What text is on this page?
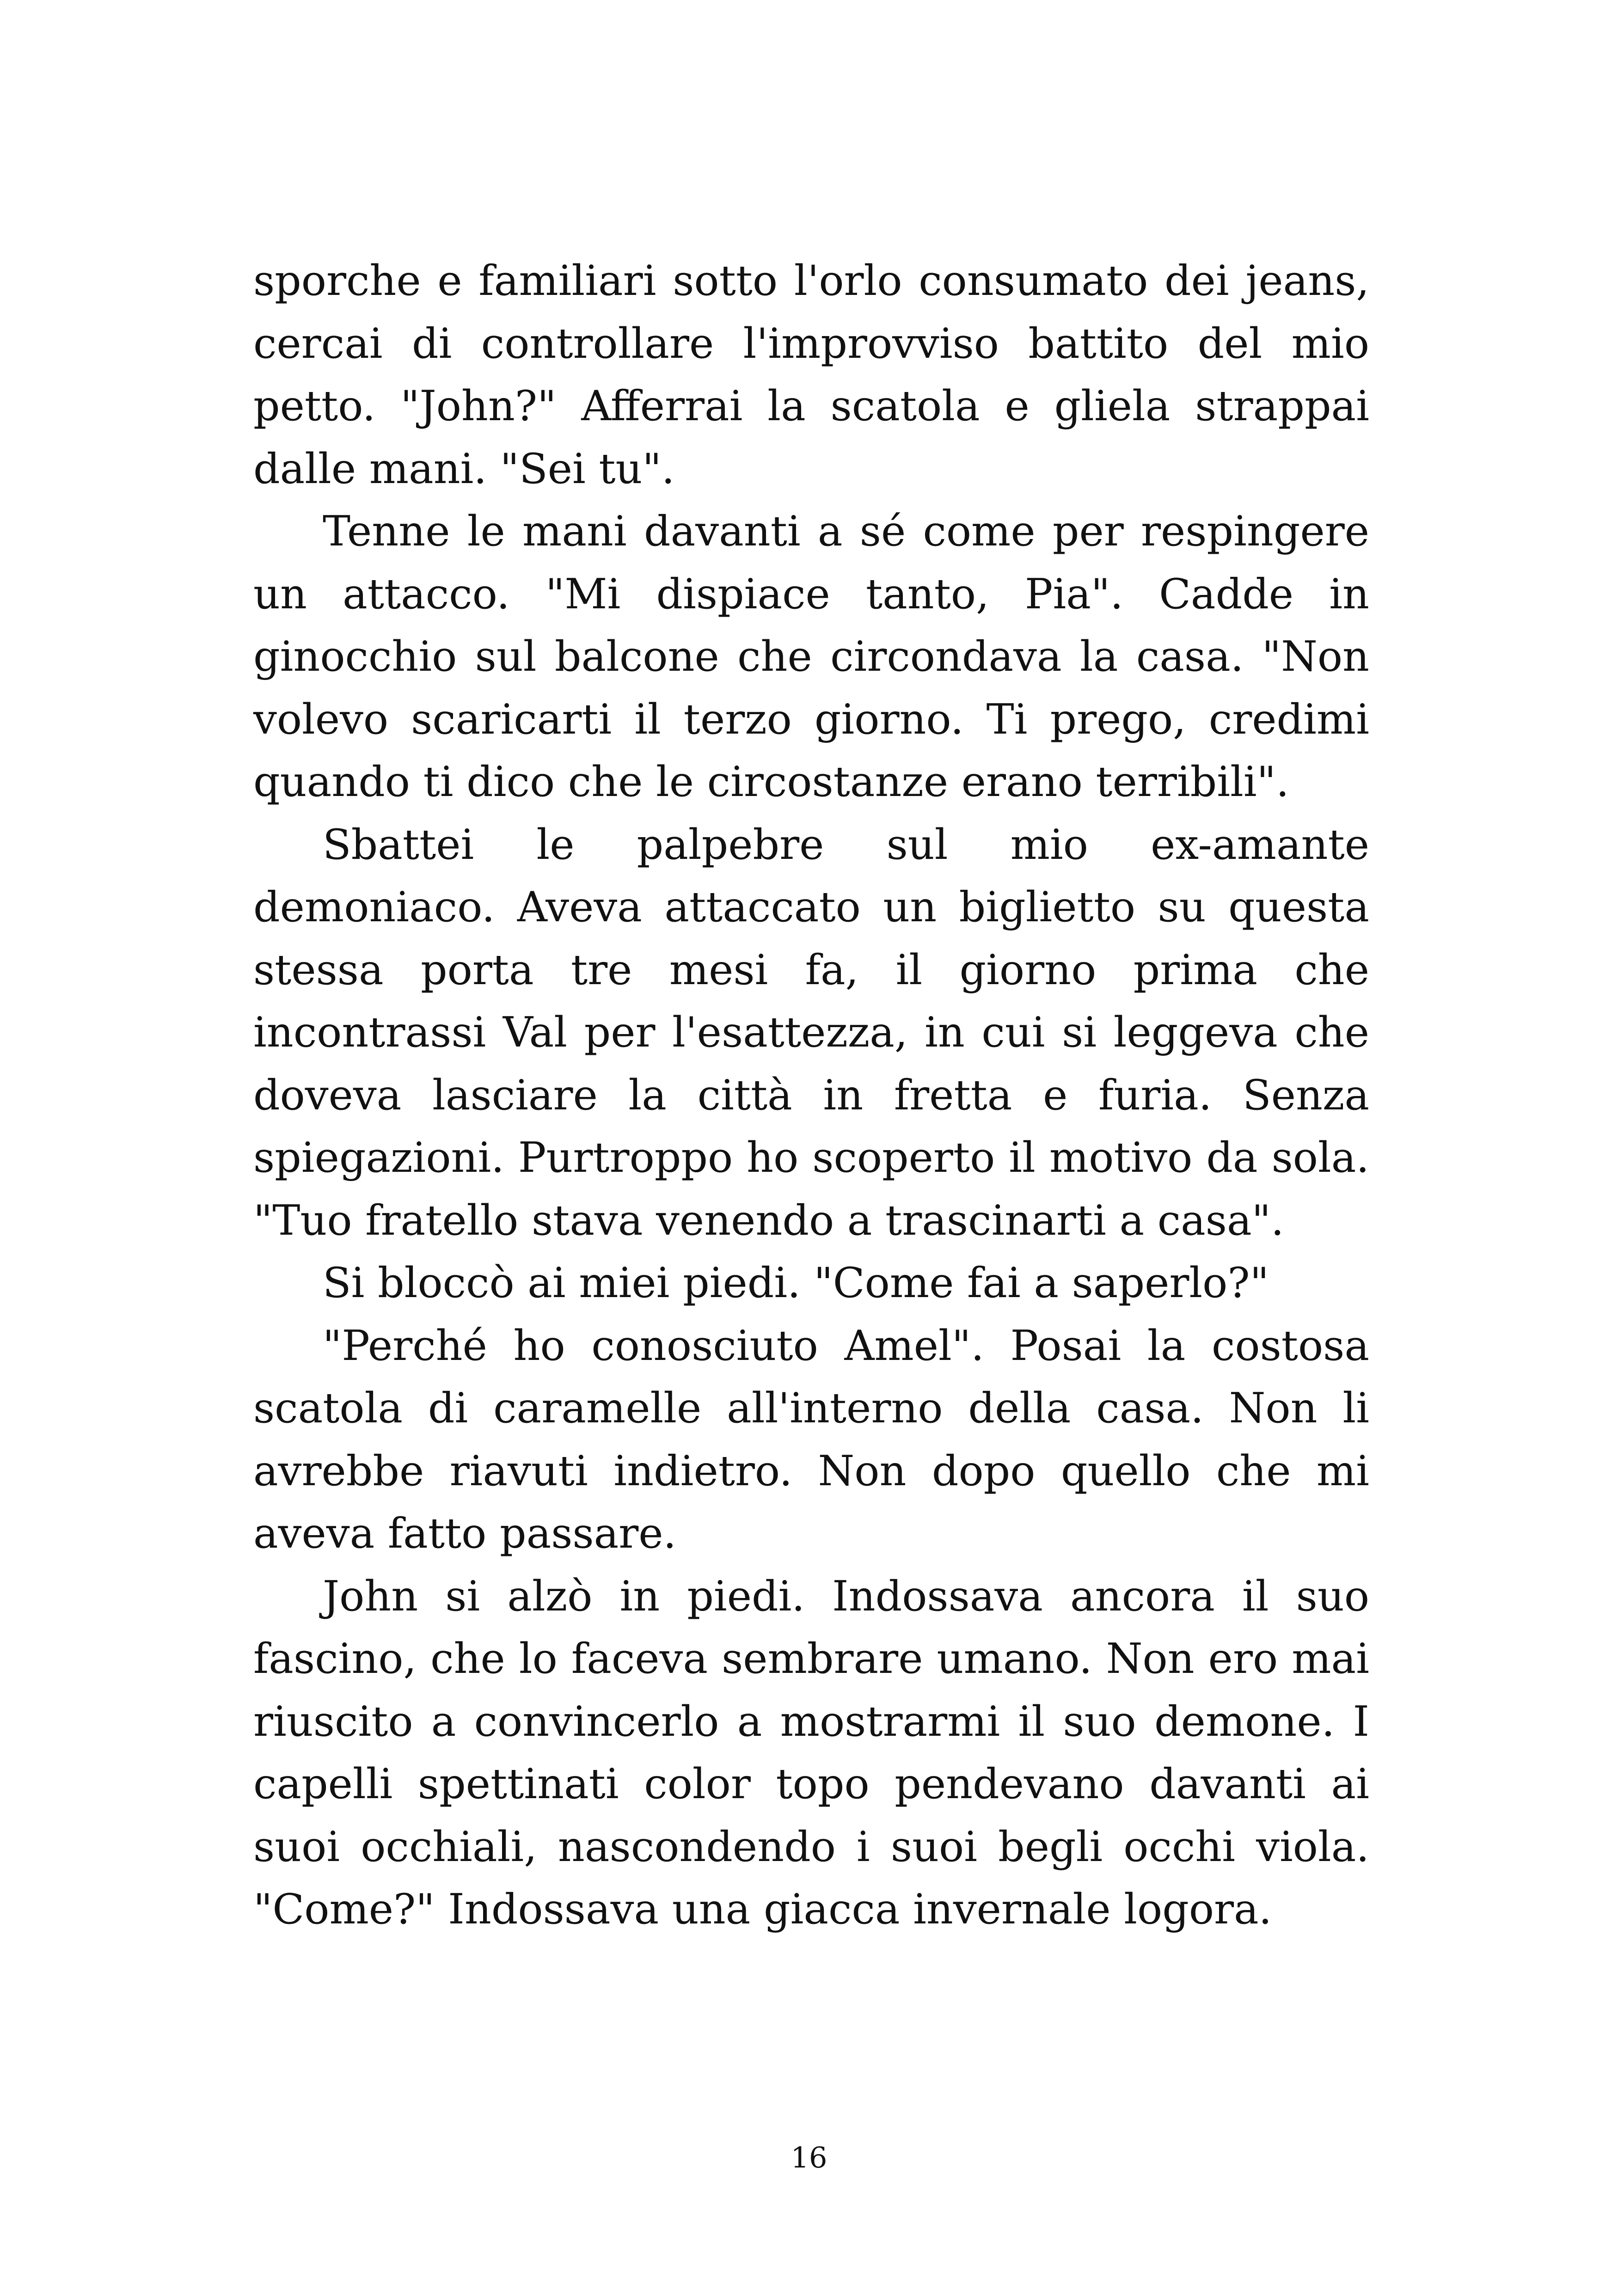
sporche e familiari sotto l'orlo consumato dei jeans, cercai di controllare l'improvviso battito del mio petto. "John?" Afferrai la scatola e gliela strappai dalle mani. "Sei tu".

Tenne le mani davanti a sé come per respingere un attacco. "Mi dispiace tanto, Pia". Cadde in ginocchio sul balcone che circondava la casa. "Non volevo scaricarti il terzo giorno. Ti prego, credimi quando ti dico che le circostanze erano terribili".

Sbattei le palpebre sul mio ex-amante demoniaco. Aveva attaccato un biglietto su questa stessa porta tre mesi fa, il giorno prima che incontrassi Val per l'esattezza, in cui si leggeva che doveva lasciare la città in fretta e furia. Senza spiegazioni. Purtroppo ho scoperto il motivo da sola. "Tuo fratello stava venendo a trascinarti a casa".

Si bloccò ai miei piedi. "Come fai a saperlo?"

"Perché ho conosciuto Amel". Posai la costosa scatola di caramelle all'interno della casa. Non li avrebbe riavuti indietro. Non dopo quello che mi aveva fatto passare.

John si alzò in piedi. Indossava ancora il suo fascino, che lo faceva sembrare umano. Non ero mai riuscito a convincerlo a mostrarmi il suo demone. I capelli spettinati color topo pendevano davanti ai suoi occhiali, nascondendo i suoi begli occhi viola. "Come?" Indossava una giacca invernale logora.

16
